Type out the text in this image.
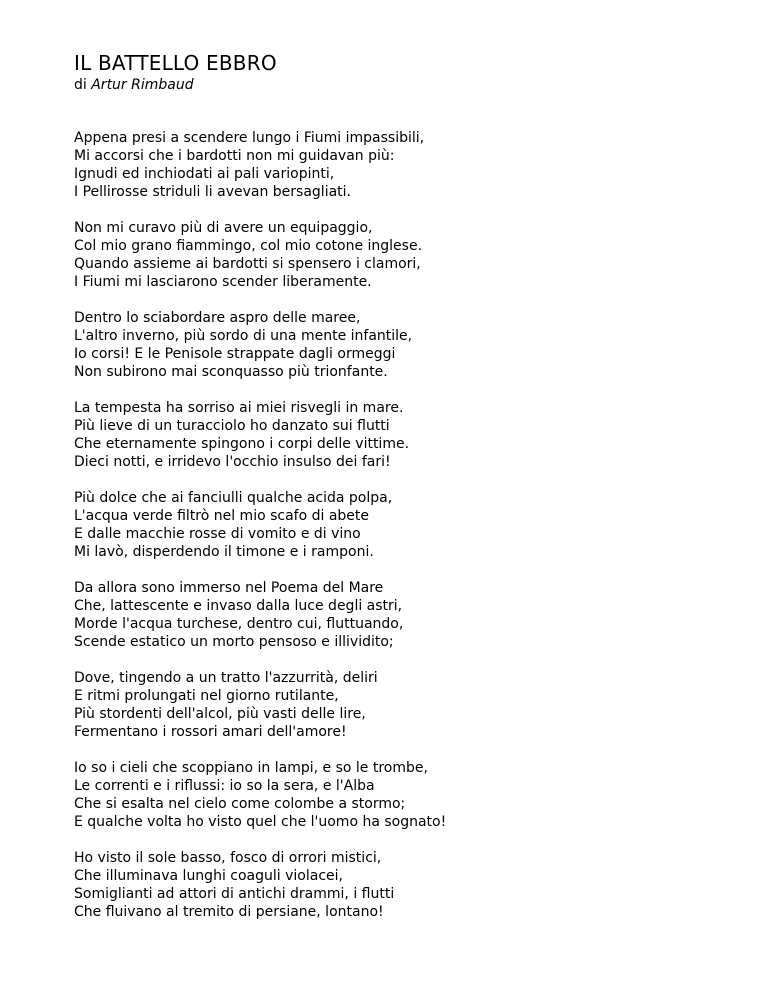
IL BATTELLO EBBRO

di Artur Rimbaud

Appena presi a scendere lungo i Fiumi impassibili,
Mi accorsi che i bardotti non mi guidavan più:
Ignudi ed inchiodati ai pali variopinti,
I Pellirosse striduli li avevan bersagliati.
Non mi curavo più di avere un equipaggio,
Col mio grano fiammingo, col mio cotone inglese.
Quando assieme ai bardotti si spensero i clamori,
I Fiumi mi lasciarono scender liberamente.
Dentro lo sciabordare aspro delle maree,
L'altro inverno, più sordo di una mente infantile,
Io corsi! E le Penisole strappate dagli ormeggi
Non subirono mai sconquasso più trionfante.
La tempesta ha sorriso ai miei risvegli in mare.
Più lieve di un turacciolo ho danzato sui flutti
Che eternamente spingono i corpi delle vittime.
Dieci notti, e irridevo l'occhio insulso dei fari!
Più dolce che ai fanciulli qualche acida polpa,
L'acqua verde filtrò nel mio scafo di abete
E dalle macchie rosse di vomito e di vino
Mi lavò, disperdendo il timone e i ramponi.
Da allora sono immerso nel Poema del Mare
Che, lattescente e invaso dalla luce degli astri,
Morde l'acqua turchese, dentro cui, fluttuando,
Scende estatico un morto pensoso e illividito;
Dove, tingendo a un tratto l'azzurrità, deliri
E ritmi prolungati nel giorno rutilante,
Più stordenti dell'alcol, più vasti delle lire,
Fermentano i rossori amari dell'amore!
Io so i cieli che scoppiano in lampi, e so le trombe,
Le correnti e i riflussi: io so la sera, e l'Alba
Che si esalta nel cielo come colombe a stormo;
E qualche volta ho visto quel che l'uomo ha sognato!
Ho visto il sole basso, fosco di orrori mistici,
Che illuminava lunghi coaguli violacei,
Somiglianti ad attori di antichi drammi, i flutti
Che fluivano al tremito di persiane, lontano!
